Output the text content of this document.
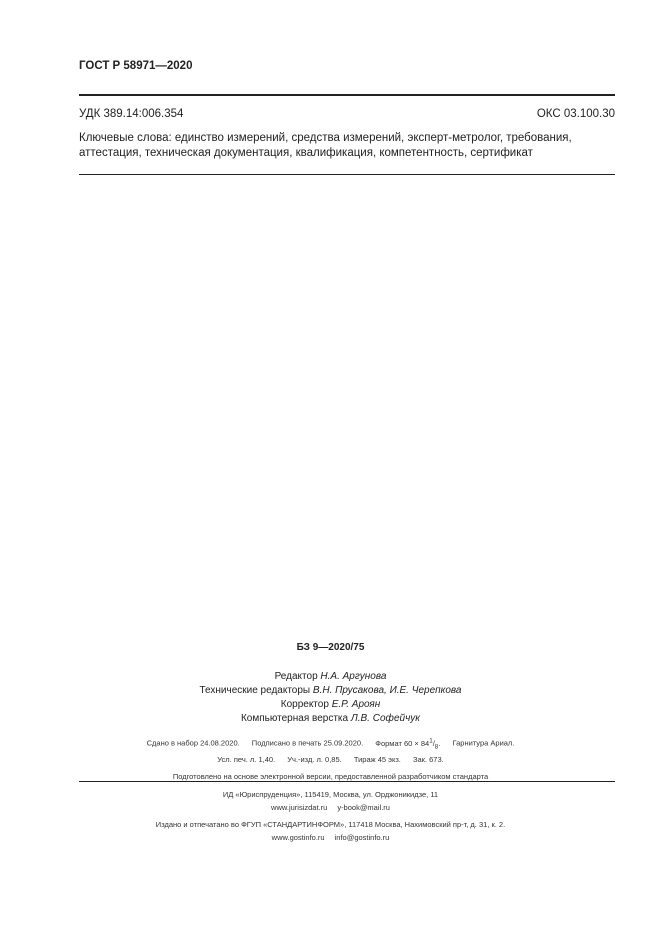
ГОСТ Р 58971—2020
УДК 389.14:006.354	ОКС 03.100.30
Ключевые слова: единство измерений, средства измерений, эксперт-метролог, требования, аттестация, техническая документация, квалификация, компетентность, сертификат
БЗ 9—2020/75
Редактор Н.А. Аргунова
Технические редакторы В.Н. Прусакова, И.Е. Черепкова
Корректор Е.Р. Ароян
Компьютерная верстка Л.В. Софейчук
Сдано в набор 24.08.2020. Подписано в печать 25.09.2020. Формат $60 \times 84^1/_8$. Гарнитура Ариал.
Усл. печ. л. 1,40. Уч.-изд. л. 0,85. Тираж 45 экз. Зак. 673.
Подготовлено на основе электронной версии, предоставленной разработчиком стандарта
ИД «Юриспруденция», 115419, Москва, ул. Орджоникидзе, 11
www.jurisizdat.ru y-book@mail.ru
Издано и отпечатано во ФГУП «СТАНДАРТИНФОРМ», 117418 Москва, Нахимовский пр-т, д. 31, к. 2.
www.gostinfo.ru info@gostinfo.ru
